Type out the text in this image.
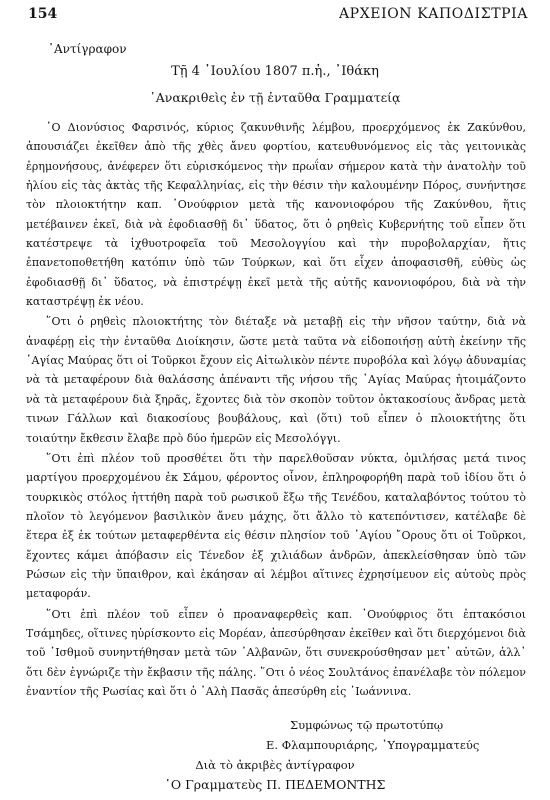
154	ΑΡΧΕΙΟΝ ΚΑΠΟΔΙΣΤΡΙΑ
᾽Αντίγραφον
Τῇ 4 ᾽Ιουλίου 1807 π.ἡ., ᾽Ιθάκη
᾽Ανακριθεὶς ἐν τῇ ἐνταῦθα Γραμματείᾳ

῾Ο Διονύσιος Φαρσινός, κύριος ζακυνθινῆς λέμβου, προερχόμενος ἐκ Ζακύνθου, ἀπουσιάζει ἐκεῖθεν ἀπὸ τῆς χθὲς ἄνευ φορτίου, κατευθυνόμενος εἰς τὰς γειτονικὰς ἐρημονήσους, ἀνέφερεν ὅτι εὑρισκόμενος τὴν πρωΐαν σήμερον κατὰ τὴν ἀνατολὴν τοῦ ἡλίου εἰς τὰς ἀκτὰς τῆς Κεφαλληνίας, εἰς τὴν θέσιν τὴν καλουμένην Πόρος, συνήντησε τὸν πλοιοκτήτην καπ. ᾽Ονούφριον μετὰ τῆς κανονιοφόρου τῆς Ζακύνθου, ἥτις μετέβαινεν ἐκεῖ, διὰ νὰ ἐφοδιασθῇ δι᾽ ὕδατος, ὅτι ὁ ρηθεὶς Κυβερνήτης τοῦ εἶπεν ὅτι κατέστρεψε τὰ ἰχθυοτροφεῖα τοῦ Μεσολογγίου καὶ τὴν πυροβολαρχίαν, ἥτις ἐπανετοποθετήθη κατόπιν ὑπὸ τῶν Τούρκων, καὶ ὅτι εἶχεν ἀποφασισθῆ, εὐθὺς ὡς ἐφοδιασθῇ δι᾽ ὕδατος, νὰ ἐπιστρέψῃ ἐκεῖ μετὰ τῆς αὐτῆς κανονιοφόρου, διὰ νὰ τὴν καταστρέψῃ ἐκ νέου.

῞Οτι ὁ ρηθεὶς πλοιοκτήτης τὸν διέταξε νὰ μεταβῇ εἰς τὴν νῆσον ταύτην, διὰ νὰ ἀναφέρῃ εἰς τὴν ἐνταῦθα Διοίκησιν, ὥστε μετὰ ταῦτα νὰ εἰδοποιήσῃ αὐτὴ ἐκείνην τῆς ῾Αγίας Μαύρας ὅτι οἱ Τοῦρκοι ἔχουν εἰς Αἰτωλικὸν πέντε πυροβόλα καὶ λόγῳ ἀδυναμίας νὰ τὰ μεταφέρουν διὰ θαλάσσης ἀπέναντι τῆς νήσου τῆς ῾Αγίας Μαύρας ἡτοιμάζοντο νὰ τὰ μεταφέρουν διὰ ξηρᾶς, ἔχοντες διὰ τὸν σκοπὸν τοῦτον ὀκτακοσίους ἄνδρας μετὰ τινων Γάλλων καὶ διακοσίους βουβάλους, καὶ (ὅτι) τοῦ εἶπεν ὁ πλοιοκτήτης ὅτι τοιαύτην ἔκθεσιν ἔλαβε πρὸ δύο ἡμερῶν εἰς Μεσολόγγι.

῞Οτι ἐπὶ πλέον τοῦ προσθέτει ὅτι τὴν παρελθοῦσαν νύκτα, ὁμιλήσας μετά τινος μαρτίγου προερχομένου ἐκ Σάμου, φέροντος οἶνον, ἐπληροφορήθη παρὰ τοῦ ἰδίου ὅτι ὁ τουρκικὸς στόλος ἡττήθη παρὰ τοῦ ρωσικοῦ ἔξω τῆς Τενέδου, καταλαβόντος τούτου τὸ πλοῖον τὸ λεγόμενον βασιλικὸν ἄνευ μάχης, ὅτι ἄλλο τὸ κατεπόντισεν, κατέλαβε δὲ ἕτερα ἐξ ἐκ τούτων μεταφερθέντα εἰς θέσιν πλησίον τοῦ ῾Αγίου ῎Ορους ὅτι οἱ Τοῦρκοι, ἔχοντες κάμει ἀπόβασιν εἰς Τένεδον ἐξ χιλιάδων ἀνδρῶν, ἀπεκλείσθησαν ὑπὸ τῶν Ρώσων εἰς τὴν ὕπαιθρον, καὶ ἐκάησαν αἱ λέμβοι αἵτινες ἐχρησίμευον εἰς αὐτοὺς πρὸς μεταφοράν.

῞Οτι ἐπὶ πλέον τοῦ εἶπεν ὁ προαναφερθεὶς καπ. ᾽Ονούφριος ὅτι ἑπτακόσιοι Τσάμηδες, οἵτινες ηὑρίσκοντο εἰς Μορέαν, ἀπεσύρθησαν ἐκεῖθεν καὶ ὅτι διερχόμενοι διὰ τοῦ ᾽Ισθμοῦ συνηντήθησαν μετὰ τῶν ᾽Αλβανῶν, ὅτι συνεκρούσθησαν μετ᾽ αὐτῶν, ἀλλ᾽ ὅτι δὲν ἐγνώριζε τὴν ἔκβασιν τῆς πάλης. ῞Οτι ὁ νέος Σουλτάνος ἐπανέλαβε τὸν πόλεμον ἐναντίον τῆς Ρωσίας καὶ ὅτι ὁ ᾽Αλὴ Πασᾶς ἀπεσύρθη εἰς ᾽Ιωάννινα.

Συμφώνως τῷ πρωτοτύπῳ
Ε. Φλαμπουριάρης, ῾Υπογραμματεύς
Διὰ τὸ ἀκριβὲς ἀντίγραφον
῾Ο Γραμματεὺς Π. ΠΕΔΕΜΟΝΤΗΣ
